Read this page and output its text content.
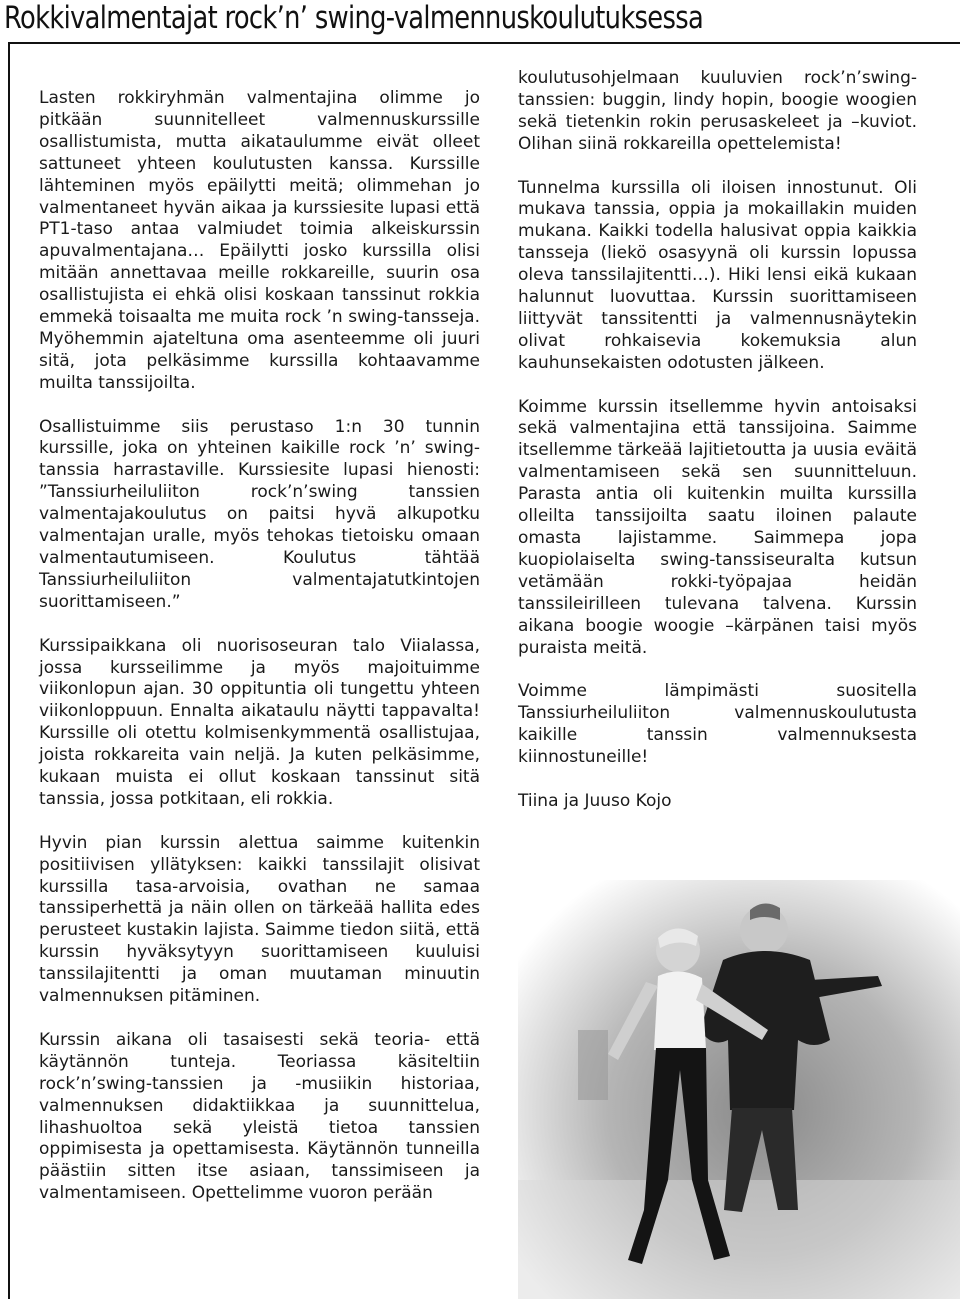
Rokkivalmentajat rock’n’ swing-valmennuskoulutuksessa

Lasten rokkiryhmän valmentajina olimme jo pitkään suunnitelleet valmennuskurssille osallistumista, mutta aikataulumme eivät olleet sattuneet yhteen koulutusten kanssa. Kurssille lähteminen myös epäilytti meitä; olimmehan jo valmentaneet hyvän aikaa ja kurssiesite lupasi että PT1-taso antaa valmiudet toimia alkeiskurssin apuvalmentajana… Epäilytti josko kurssilla olisi mitään annettavaa meille rokkareille, suurin osa osallistujista ei ehkä olisi koskaan tanssinut rokkia emmekä toisaalta me muita rock ’n swing-tansseja. Myöhemmin ajateltuna oma asenteemme oli juuri sitä, jota pelkäsimme kurssilla kohtaavamme muilta tanssijoilta.

Osallistuimme siis perustaso 1:n 30 tunnin kurssille, joka on yhteinen kaikille rock ’n’ swing-tanssia harrastaville. Kurssiesite lupasi hienosti: ”Tanssiurheiluliiton rock’n’swing tanssien valmentajakoulutus on paitsi hyvä alkupotku valmentajan uralle, myös tehokas tietoisku omaan valmentautumiseen. Koulutus tähtää Tanssiurheiluliiton valmentajatutkintojen suorittamiseen.”

Kurssipaikkana oli nuorisoseuran talo Viialassa, jossa kursseilimme ja myös majoituimme viikonlopun ajan. 30 oppituntia oli tungettu yhteen viikonloppuun. Ennalta aikataulu näytti tappavalta! Kurssille oli otettu kolmisenkymmentä osallistujaa, joista rokkareita vain neljä. Ja kuten pelkäsimme, kukaan muista ei ollut koskaan tanssinut sitä tanssia, jossa potkitaan, eli rokkia.

Hyvin pian kurssin alettua saimme kuitenkin positiivisen yllätyksen: kaikki tanssilajit olisivat kurssilla tasa-arvoisia, ovathan ne samaa tanssiperhettä ja näin ollen on tärkeää hallita edes perusteet kustakin lajista. Saimme tiedon siitä, että kurssin hyväksytyyn suorittamiseen kuuluisi tanssilajitentti ja oman muutaman minuutin valmennuksen pitäminen.

Kurssin aikana oli tasaisesti sekä teoria- että käytännön tunteja. Teoriassa käsiteltiin rock’n’swing-tanssien ja -musiikin historiaa, valmennuksen didaktiikkaa ja suunnittelua, lihashuoltoa sekä yleistä tietoa tanssien oppimisesta ja opettamisesta. Käytännön tunneilla päästiin sitten itse asiaan, tanssimiseen ja valmentamiseen. Opettelimme vuoron perään

koulutusohjelmaan kuuluvien rock’n’swing-tanssien: buggin, lindy hopin, boogie woogien sekä tietenkin rokin perusaskeleet ja –kuviot. Olihan siinä rokkareilla opettelemista!

Tunnelma kurssilla oli iloisen innostunut. Oli mukava tanssia, oppia ja mokaillakin muiden mukana. Kaikki todella halusivat oppia kaikkia tansseja (liekö osasyynä oli kurssin lopussa oleva tanssilajitentti…). Hiki lensi eikä kukaan halunnut luovuttaa. Kurssin suorittamiseen liittyvät tanssitentti ja valmennusnäytekin olivat rohkaisevia kokemuksia alun kauhunsekaisten odotusten jälkeen.

Koimme kurssin itsellemme hyvin antoisaksi sekä valmentajina että tanssijoina. Saimme itsellemme tärkeää lajitietoutta ja uusia eväitä valmentamiseen sekä sen suunnitteluun. Parasta antia oli kuitenkin muilta kurssilla olleilta tanssijoilta saatu iloinen palaute omasta lajistamme. Saimmepa jopa kuopiolaiselta swing-tanssiseuralta kutsun vetämään rokki-työpajaa heidän tanssileirilleen tulevana talvena. Kurssin aikana boogie woogie –kärpänen taisi myös puraista meitä.

Voimme lämpimästi suositella Tanssiurheiluliiton valmennuskoulutusta kaikille tanssin valmennuksesta kiinnostuneille!

Tiina ja Juuso Kojo
